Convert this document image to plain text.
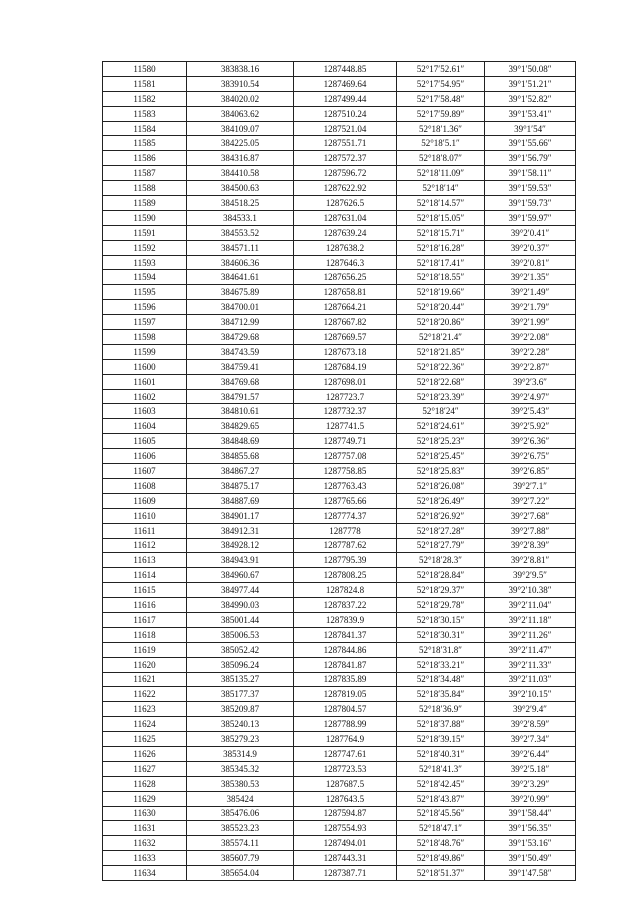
11580	383838.16	1287448.85	52°17′52.61″	39°1′50.08″
11581	383910.54	1287469.64	52°17′54.95″	39°1′51.21″
11582	384020.02	1287499.44	52°17′58.48″	39°1′52.82″
11583	384063.62	1287510.24	52°17′59.89″	39°1′53.41″
11584	384109.07	1287521.04	52°18′1.36″	39°1′54″
11585	384225.05	1287551.71	52°18′5.1″	39°1′55.66″
11586	384316.87	1287572.37	52°18′8.07″	39°1′56.79″
11587	384410.58	1287596.72	52°18′11.09″	39°1′58.11″
11588	384500.63	1287622.92	52°18′14″	39°1′59.53″
11589	384518.25	1287626.5	52°18′14.57″	39°1′59.73″
11590	384533.1	1287631.04	52°18′15.05″	39°1′59.97″
11591	384553.52	1287639.24	52°18′15.71″	39°2′0.41″
11592	384571.11	1287638.2	52°18′16.28″	39°2′0.37″
11593	384606.36	1287646.3	52°18′17.41″	39°2′0.81″
11594	384641.61	1287656.25	52°18′18.55″	39°2′1.35″
11595	384675.89	1287658.81	52°18′19.66″	39°2′1.49″
11596	384700.01	1287664.21	52°18′20.44″	39°2′1.79″
11597	384712.99	1287667.82	52°18′20.86″	39°2′1.99″
11598	384729.68	1287669.57	52°18′21.4″	39°2′2.08″
11599	384743.59	1287673.18	52°18′21.85″	39°2′2.28″
11600	384759.41	1287684.19	52°18′22.36″	39°2′2.87″
11601	384769.68	1287698.01	52°18′22.68″	39°2′3.6″
11602	384791.57	1287723.7	52°18′23.39″	39°2′4.97″
11603	384810.61	1287732.37	52°18′24″	39°2′5.43″
11604	384829.65	1287741.5	52°18′24.61″	39°2′5.92″
11605	384848.69	1287749.71	52°18′25.23″	39°2′6.36″
11606	384855.68	1287757.08	52°18′25.45″	39°2′6.75″
11607	384867.27	1287758.85	52°18′25.83″	39°2′6.85″
11608	384875.17	1287763.43	52°18′26.08″	39°2′7.1″
11609	384887.69	1287765.66	52°18′26.49″	39°2′7.22″
11610	384901.17	1287774.37	52°18′26.92″	39°2′7.68″
11611	384912.31	1287778	52°18′27.28″	39°2′7.88″
11612	384928.12	1287787.62	52°18′27.79″	39°2′8.39″
11613	384943.91	1287795.39	52°18′28.3″	39°2′8.81″
11614	384960.67	1287808.25	52°18′28.84″	39°2′9.5″
11615	384977.44	1287824.8	52°18′29.37″	39°2′10.38″
11616	384990.03	1287837.22	52°18′29.78″	39°2′11.04″
11617	385001.44	1287839.9	52°18′30.15″	39°2′11.18″
11618	385006.53	1287841.37	52°18′30.31″	39°2′11.26″
11619	385052.42	1287844.86	52°18′31.8″	39°2′11.47″
11620	385096.24	1287841.87	52°18′33.21″	39°2′11.33″
11621	385135.27	1287835.89	52°18′34.48″	39°2′11.03″
11622	385177.37	1287819.05	52°18′35.84″	39°2′10.15″
11623	385209.87	1287804.57	52°18′36.9″	39°2′9.4″
11624	385240.13	1287788.99	52°18′37.88″	39°2′8.59″
11625	385279.23	1287764.9	52°18′39.15″	39°2′7.34″
11626	385314.9	1287747.61	52°18′40.31″	39°2′6.44″
11627	385345.32	1287723.53	52°18′41.3″	39°2′5.18″
11628	385380.53	1287687.5	52°18′42.45″	39°2′3.29″
11629	385424	1287643.5	52°18′43.87″	39°2′0.99″
11630	385476.06	1287594.87	52°18′45.56″	39°1′58.44″
11631	385523.23	1287554.93	52°18′47.1″	39°1′56.35″
11632	385574.11	1287494.01	52°18′48.76″	39°1′53.16″
11633	385607.79	1287443.31	52°18′49.86″	39°1′50.49″
11634	385654.04	1287387.71	52°18′51.37″	39°1′47.58″
